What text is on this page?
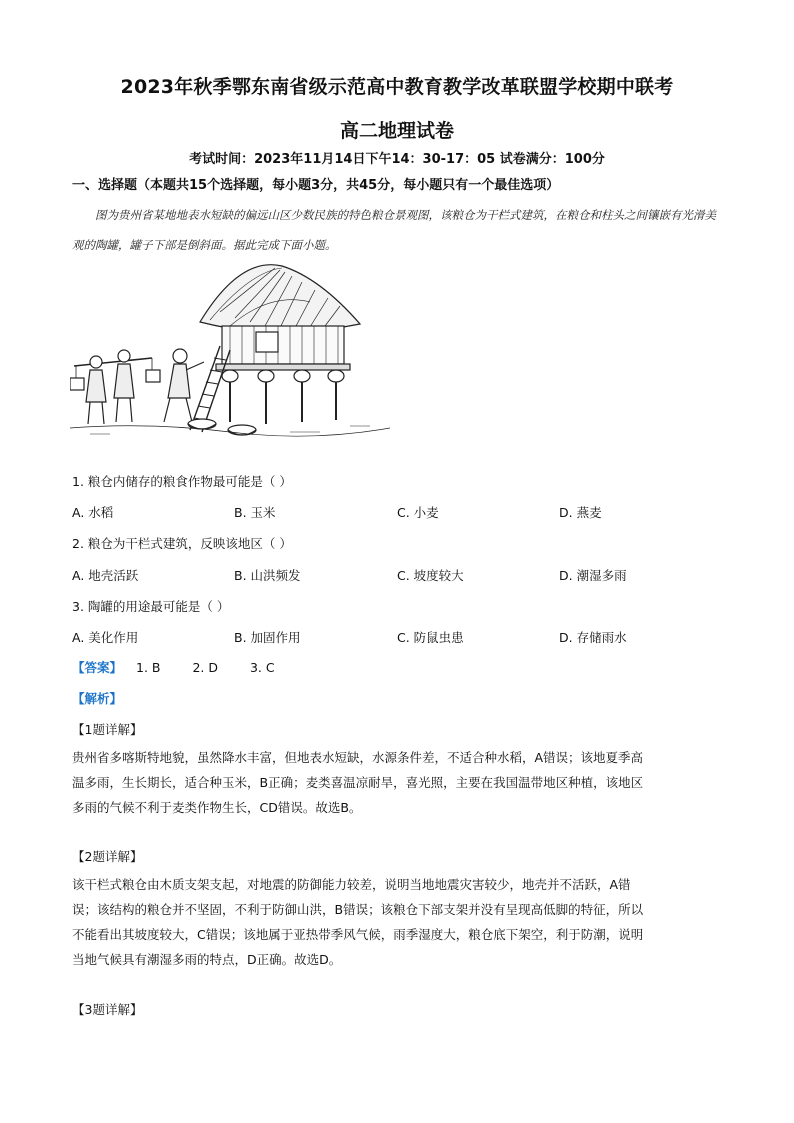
2023年秋季鄂东南省级示范高中教育教学改革联盟学校期中联考
高二地理试卷
考试时间：2023年11月14日下午14：30-17：05 试卷满分：100分
一、选择题（本题共15个选择题，每小题3分，共45分，每小题只有一个最佳选项）
图为贵州省某地地表水短缺的偏远山区少数民族的特色粮仓景观图，该粮仓为干栏式建筑，在粮仓和柱头之间镶嵌有光滑美观的陶罐，罐子下部是倒斜面。据此完成下面小题。
1. 粮仓内储存的粮食作物最可能是（ ）
A. 水稻	B. 玉米	C. 小麦	D. 燕麦
2. 粮仓为干栏式建筑，反映该地区（ ）
A. 地壳活跃	B. 山洪频发	C. 坡度较大	D. 潮湿多雨
3. 陶罐的用途最可能是（ ）
A. 美化作用	B. 加固作用	C. 防鼠虫患	D. 存储雨水
【答案】 1. B	2. D	3. C
【解析】
【1题详解】
贵州省多喀斯特地貌，虽然降水丰富，但地表水短缺，水源条件差，不适合种水稻，A错误；该地夏季高
温多雨，生长期长，适合种玉米，B正确；麦类喜温凉耐旱，喜光照，主要在我国温带地区种植，该地区
多雨的气候不利于麦类作物生长，CD错误。故选B。
【2题详解】
该干栏式粮仓由木质支架支起，对地震的防御能力较差，说明当地地震灾害较少，地壳并不活跃，A错
误；该结构的粮仓并不坚固，不利于防御山洪，B错误；该粮仓下部支架并没有呈现高低脚的特征，所以
不能看出其坡度较大，C错误；该地属于亚热带季风气候，雨季湿度大，粮仓底下架空，利于防潮，说明
当地气候具有潮湿多雨的特点，D正确。故选D。
【3题详解】
